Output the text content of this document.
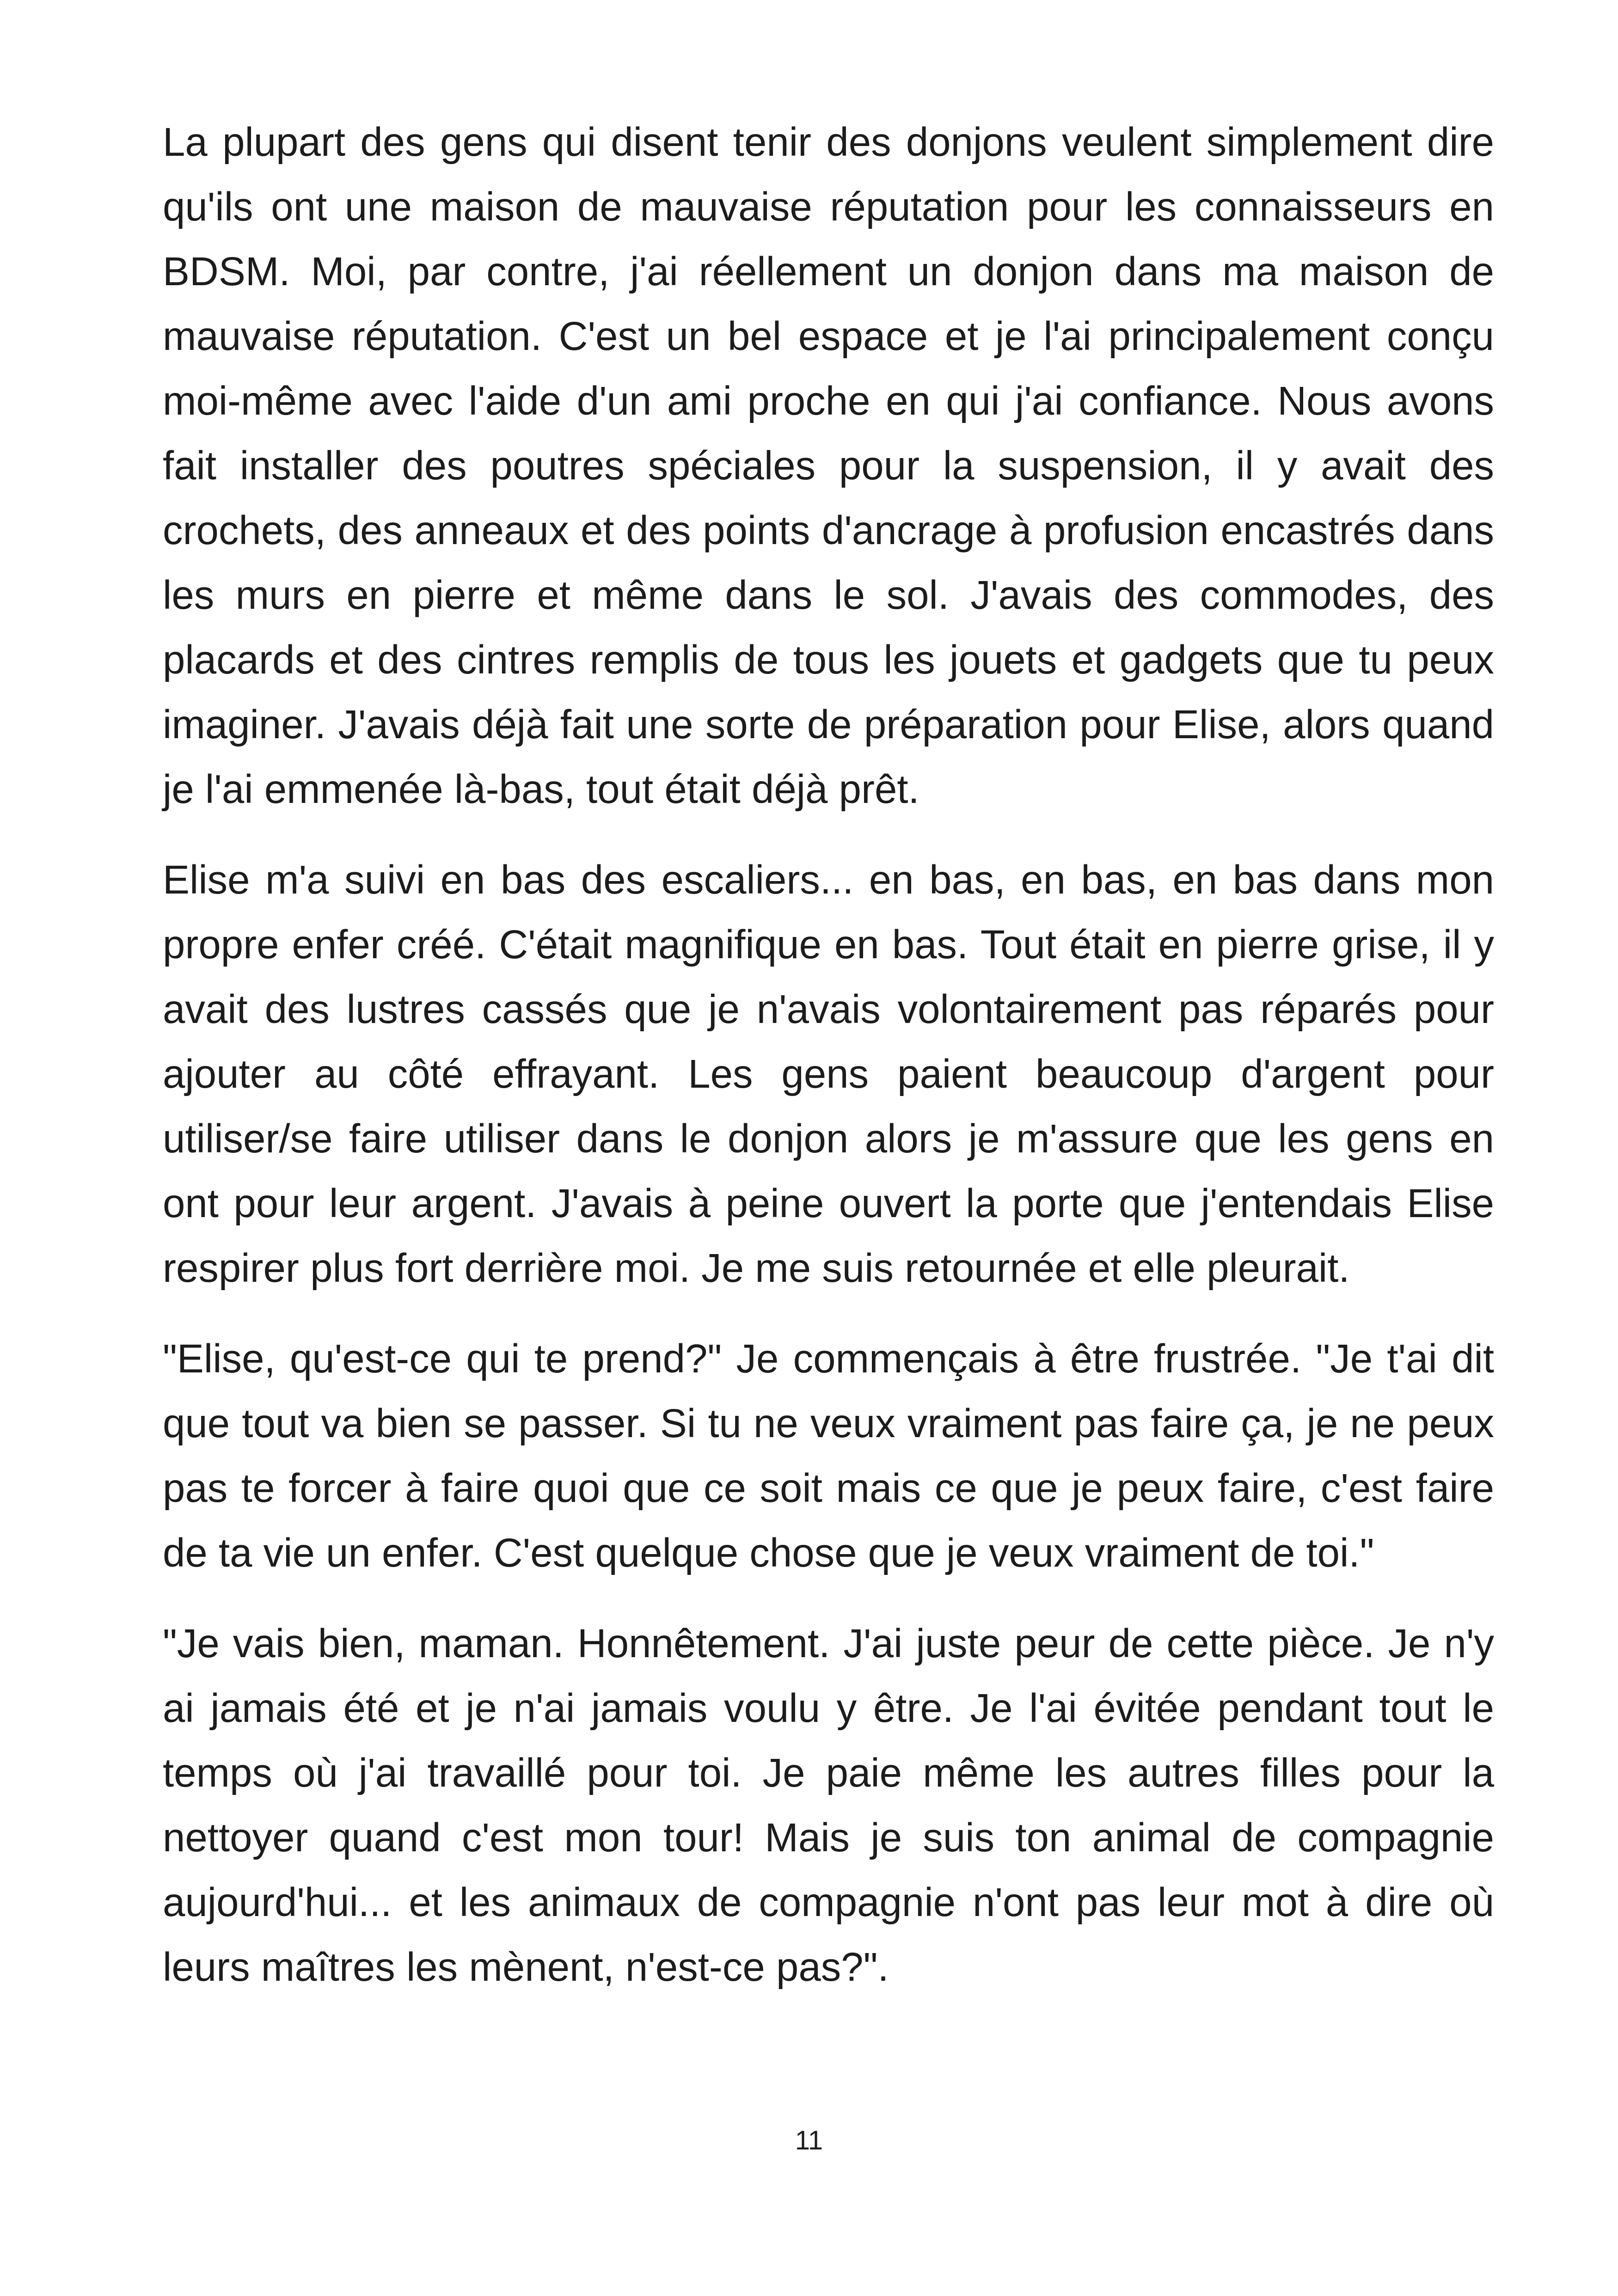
La plupart des gens qui disent tenir des donjons veulent simplement dire qu'ils ont une maison de mauvaise réputation pour les connaisseurs en BDSM. Moi, par contre, j'ai réellement un donjon dans ma maison de mauvaise réputation. C'est un bel espace et je l'ai principalement conçu moi-même avec l'aide d'un ami proche en qui j'ai confiance. Nous avons fait installer des poutres spéciales pour la suspension, il y avait des crochets, des anneaux et des points d'ancrage à profusion encastrés dans les murs en pierre et même dans le sol. J'avais des commodes, des placards et des cintres remplis de tous les jouets et gadgets que tu peux imaginer. J'avais déjà fait une sorte de préparation pour Elise, alors quand je l'ai emmenée là-bas, tout était déjà prêt.

Elise m'a suivi en bas des escaliers... en bas, en bas, en bas dans mon propre enfer créé. C'était magnifique en bas. Tout était en pierre grise, il y avait des lustres cassés que je n'avais volontairement pas réparés pour ajouter au côté effrayant. Les gens paient beaucoup d'argent pour utiliser/se faire utiliser dans le donjon alors je m'assure que les gens en ont pour leur argent. J'avais à peine ouvert la porte que j'entendais Elise respirer plus fort derrière moi. Je me suis retournée et elle pleurait.

"Elise, qu'est-ce qui te prend?" Je commençais à être frustrée. "Je t'ai dit que tout va bien se passer. Si tu ne veux vraiment pas faire ça, je ne peux pas te forcer à faire quoi que ce soit mais ce que je peux faire, c'est faire de ta vie un enfer. C'est quelque chose que je veux vraiment de toi."

"Je vais bien, maman. Honnêtement. J'ai juste peur de cette pièce. Je n'y ai jamais été et je n'ai jamais voulu y être. Je l'ai évitée pendant tout le temps où j'ai travaillé pour toi. Je paie même les autres filles pour la nettoyer quand c'est mon tour! Mais je suis ton animal de compagnie aujourd'hui... et les animaux de compagnie n'ont pas leur mot à dire où leurs maîtres les mènent, n'est-ce pas?".

11
